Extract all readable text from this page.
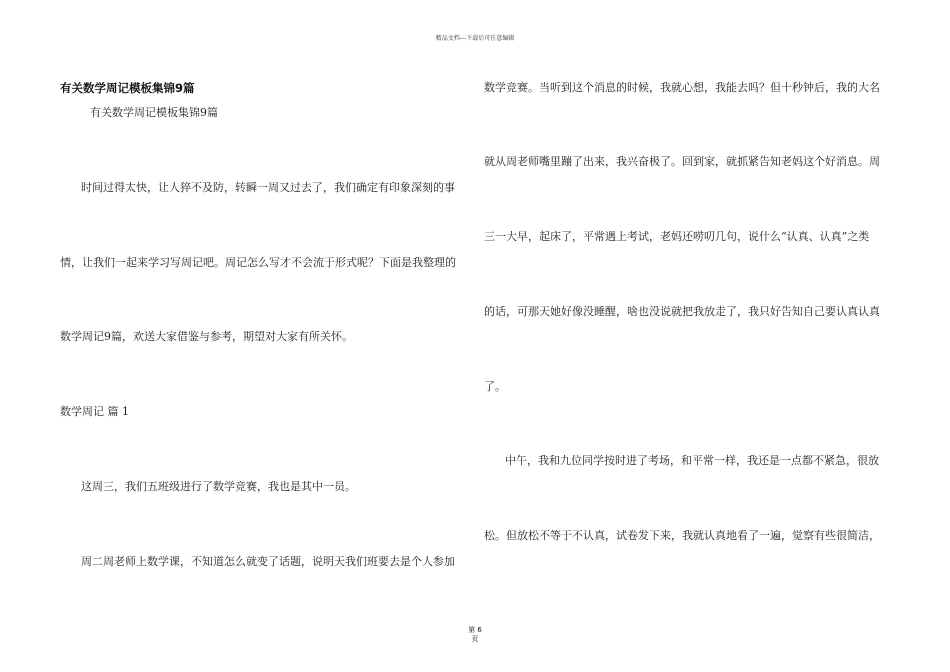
精品文档---下载后可任意编辑
有关数学周记模板集锦9篇
有关数学周记模板集锦9篇
时间过得太快，让人猝不及防，转瞬一周又过去了，我们确定有印象深刻的事
情，让我们一起来学习写周记吧。周记怎么写才不会流于形式呢？下面是我整理的
数学周记9篇，欢送大家借鉴与参考，期望对大家有所关怀。
数学周记 篇 1
这周三，我们五班级进行了数学竞赛，我也是其中一员。
周二周老师上数学课，不知道怎么就变了话题，说明天我们班要去是个人参加
数学竞赛。当听到这个消息的时候，我就心想，我能去吗？但十秒钟后，我的大名
就从周老师嘴里蹦了出来，我兴奋极了。回到家，就抓紧告知老妈这个好消息。周
三一大早，起床了，平常遇上考试，老妈还唠叨几句，说什么“认真、认真”之类
的话，可那天她好像没睡醒，啥也没说就把我放走了，我只好告知自己要认真认真
了。
中午，我和九位同学按时进了考场，和平常一样，我还是一点都不紧急，很放
松。但放松不等于不认真，试卷发下来，我就认真地看了一遍，觉察有些很简洁，
第 6
页
